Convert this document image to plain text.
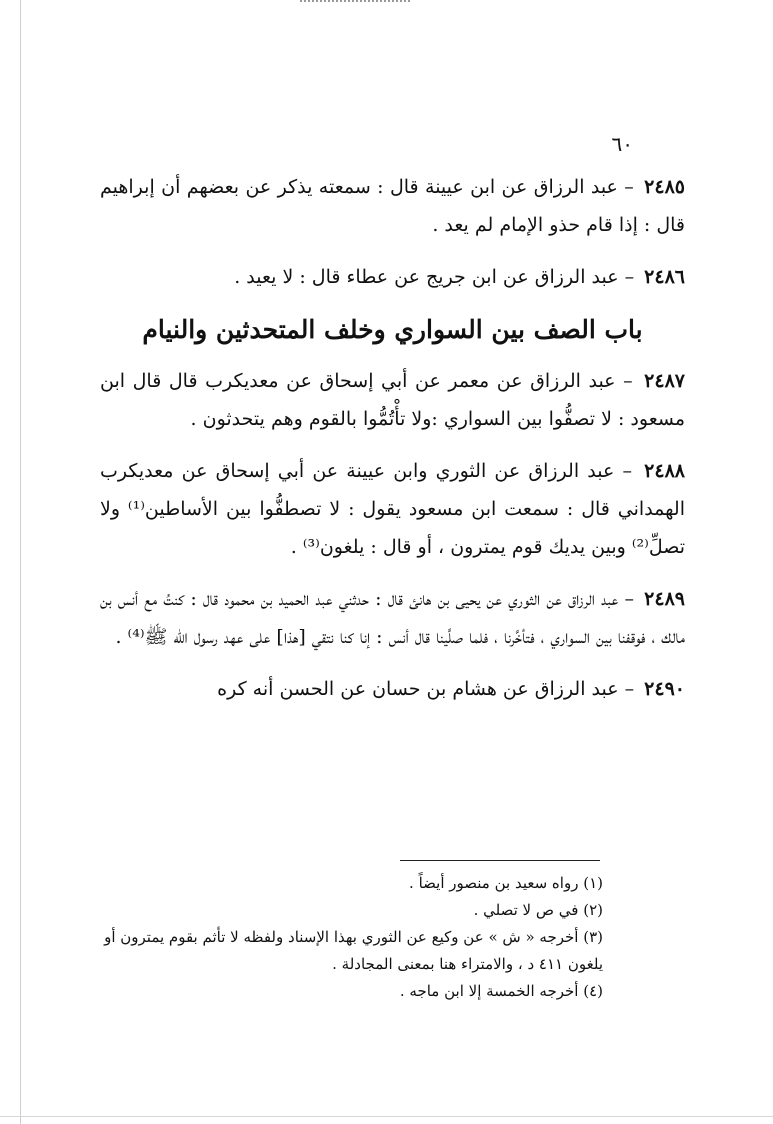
٦٠

٢٤٨٥ – عبد الرزاق عن ابن عيينة قال : سمعته يذكر عن بعضهم أن إبراهيم قال : إذا قام حذو الإمام لم يعد .

٢٤٨٦ – عبد الرزاق عن ابن جريج عن عطاء قال : لا يعيد .

باب الصف بين السواري وخلف المتحدثين والنيام

٢٤٨٧ – عبد الرزاق عن معمر عن أبي إسحاق عن معديكرب قال قال ابن مسعود : لا تصفُّوا بين السواري :ولا تأْتُمُّوا بالقوم وهم يتحدثون .

٢٤٨٨ – عبد الرزاق عن الثوري وابن عيينة عن أبي إسحاق عن معديكرب الهمداني قال : سمعت ابن مسعود يقول : لا تصطفُّوا بين الأساطين⁽¹⁾ ولا تصلِّ⁽²⁾ وبين يديك قوم يمترون ، أو قال : يلغون⁽³⁾ .

٢٤٨٩ – عبد الرزاق عن الثوري عن يحيى بن هانئ قال : حدثني عبد الحميد بن محمود قال : كنتُ مع أنس بن مالك ، فوقفنا بين السواري ، فتأخَّرنا ، فلما صلَّينا قال أنس : إنا كنا نتقي [هذا] على عهد رسول الله ﷺ⁽⁴⁾ .

٢٤٩٠ – عبد الرزاق عن هشام بن حسان عن الحسن أنه كره

(١) رواه سعيد بن منصور أيضاً .

(٢) في ص لا تصلي .

(٣) أخرجه « ش » عن وكيع عن الثوري بهذا الإسناد ولفظه لا تأثم بقوم يمترون أو يلغون ٤١١ د ، والامتراء هنا بمعنى المجادلة .

(٤) أخرجه الخمسة إلا ابن ماجه .
